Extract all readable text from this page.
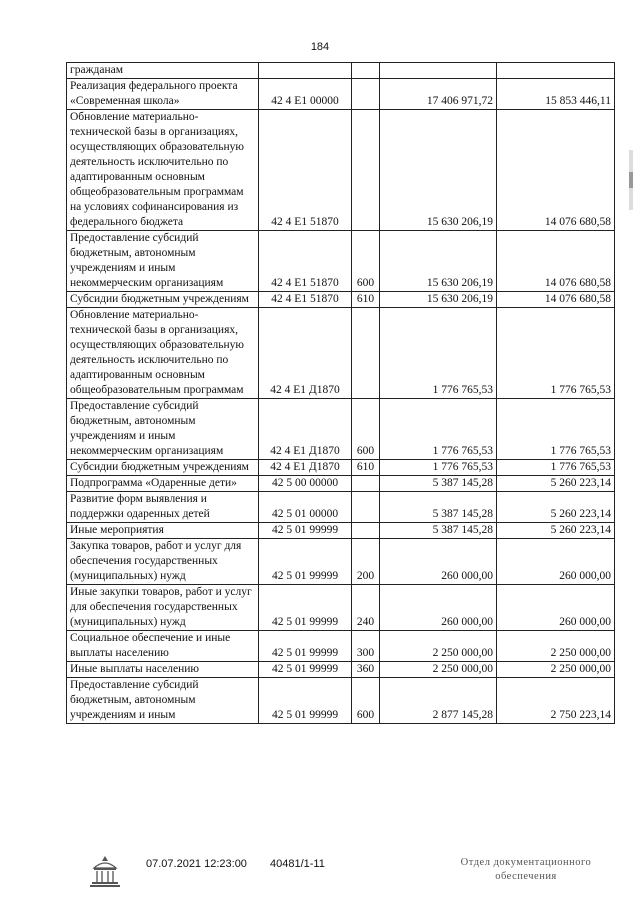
184
гражданам				
Реализация федерального проекта «Современная школа»	42 4 E1 00000		17 406 971,72	15 853 446,11
Обновление материально-технической базы в организациях, осуществляющих образовательную деятельность исключительно по адаптированным основным общеобразовательным программам на условиях софинансирования из федерального бюджета	42 4 E1 51870		15 630 206,19	14 076 680,58
Предоставление субсидий бюджетным, автономным учреждениям и иным некоммерческим организациям	42 4 E1 51870	600	15 630 206,19	14 076 680,58
Субсидии бюджетным учреждениям	42 4 E1 51870	610	15 630 206,19	14 076 680,58
Обновление материально-технической базы в организациях, осуществляющих образовательную деятельность исключительно по адаптированным основным общеобразовательным программам	42 4 E1 Д1870		1 776 765,53	1 776 765,53
Предоставление субсидий бюджетным, автономным учреждениям и иным некоммерческим организациям	42 4 E1 Д1870	600	1 776 765,53	1 776 765,53
Субсидии бюджетным учреждениям	42 4 E1 Д1870	610	1 776 765,53	1 776 765,53
Подпрограмма «Одаренные дети»	42 5 00 00000		5 387 145,28	5 260 223,14
Развитие форм выявления и поддержки одаренных детей	42 5 01 00000		5 387 145,28	5 260 223,14
Иные мероприятия	42 5 01 99999		5 387 145,28	5 260 223,14
Закупка товаров, работ и услуг для обеспечения государственных (муниципальных) нужд	42 5 01 99999	200	260 000,00	260 000,00
Иные закупки товаров, работ и услуг для обеспечения государственных (муниципальных) нужд	42 5 01 99999	240	260 000,00	260 000,00
Социальное обеспечение и иные выплаты населению	42 5 01 99999	300	2 250 000,00	2 250 000,00
Иные выплаты населению	42 5 01 99999	360	2 250 000,00	2 250 000,00
Предоставление субсидий бюджетным, автономным учреждениям и иным	42 5 01 99999	600	2 877 145,28	2 750 223,14
07.07.2021 12:23:00 40481/1-11	Отдел документационного
обеспечения
